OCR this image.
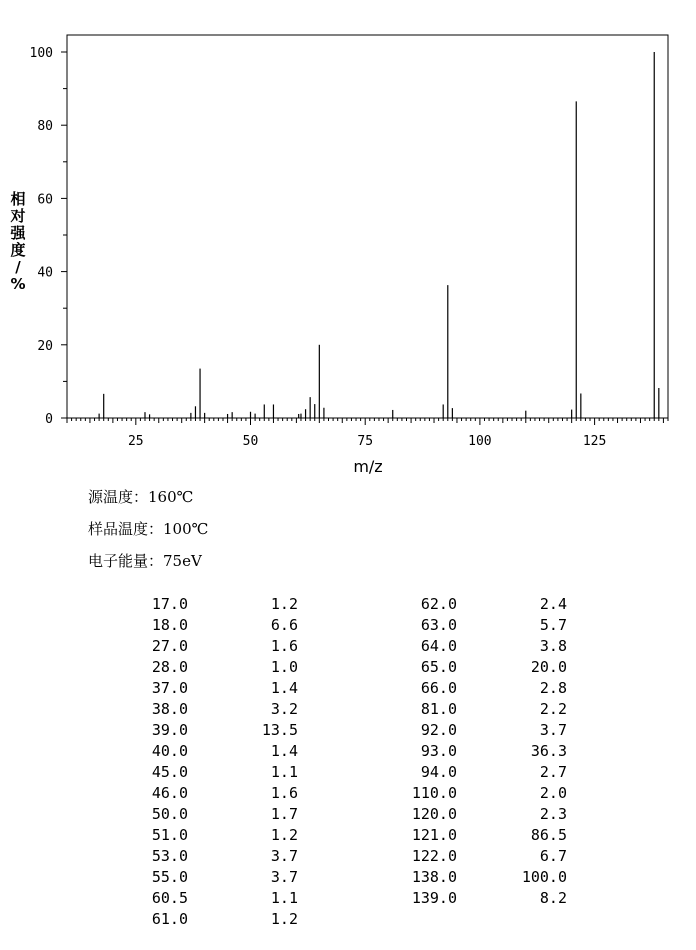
25	50	75	100	125
0
20
40
60
80
100
m/z
相对强度/ %
源温度：160℃
样品温度：100℃
电子能量：75eV
17.0	1.2	62.0	2.4
18.0	6.6	63.0	5.7
27.0	1.6	64.0	3.8
28.0	1.0	65.0	20.0
37.0	1.4	66.0	2.8
38.0	3.2	81.0	2.2
39.0	13.5	92.0	3.7
40.0	1.4	93.0	36.3
45.0	1.1	94.0	2.7
46.0	1.6	110.0	2.0
50.0	1.7	120.0	2.3
51.0	1.2	121.0	86.5
53.0	3.7	122.0	6.7
55.0	3.7	138.0	100.0
60.5	1.1	139.0	8.2
61.0	1.2		
